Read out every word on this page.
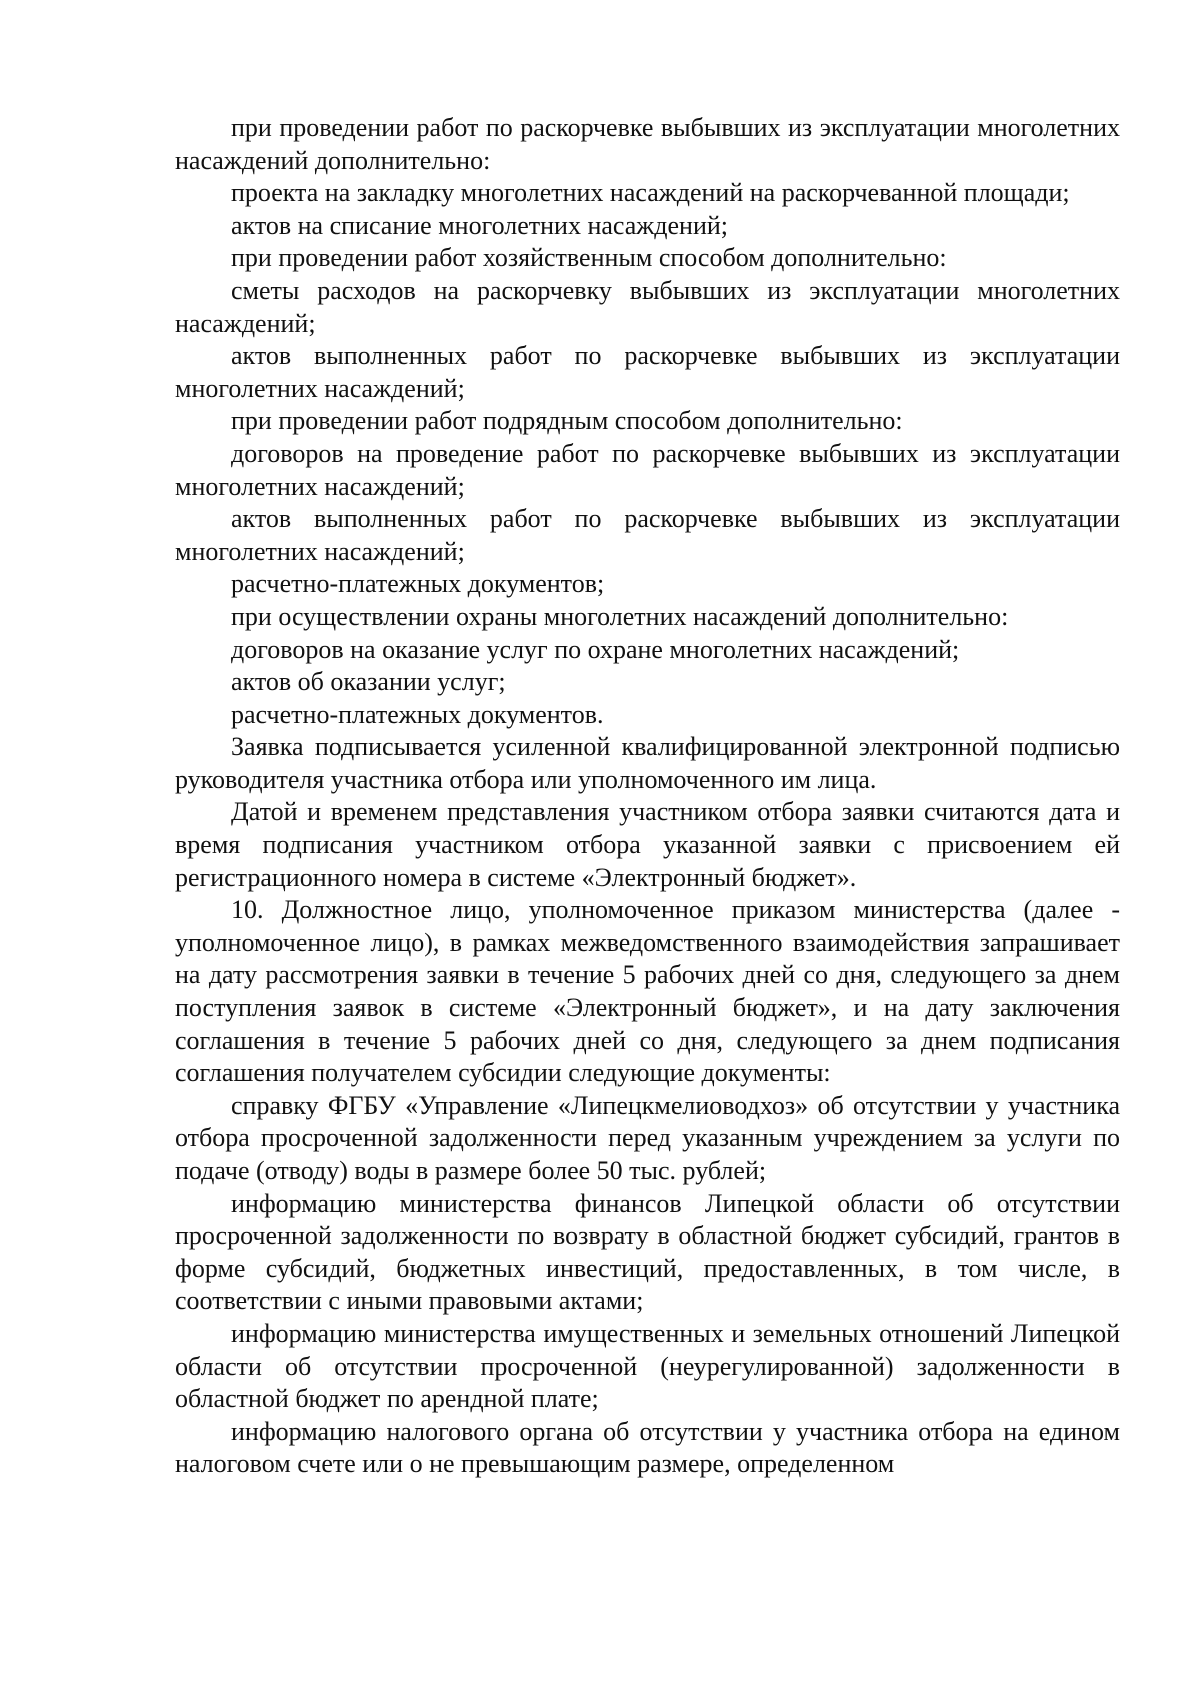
при проведении работ по раскорчевке выбывших из эксплуатации многолетних насаждений дополнительно:

проекта на закладку многолетних насаждений на раскорчеванной площади;

актов на списание многолетних насаждений;

при проведении работ хозяйственным способом дополнительно:

сметы расходов на раскорчевку выбывших из эксплуатации многолетних насаждений;

актов выполненных работ по раскорчевке выбывших из эксплуатации многолетних насаждений;

при проведении работ подрядным способом дополнительно:

договоров на проведение работ по раскорчевке выбывших из эксплуатации многолетних насаждений;

актов выполненных работ по раскорчевке выбывших из эксплуатации многолетних насаждений;

расчетно-платежных документов;

при осуществлении охраны многолетних насаждений дополнительно:

договоров на оказание услуг по охране многолетних насаждений;

актов об оказании услуг;

расчетно-платежных документов.

Заявка подписывается усиленной квалифицированной электронной подписью руководителя участника отбора или уполномоченного им лица.

Датой и временем представления участником отбора заявки считаются дата и время подписания участником отбора указанной заявки с присвоением ей регистрационного номера в системе «Электронный бюджет».

10. Должностное лицо, уполномоченное приказом министерства (далее - уполномоченное лицо), в рамках межведомственного взаимодействия запрашивает на дату рассмотрения заявки в течение 5 рабочих дней со дня, следующего за днем поступления заявок в системе «Электронный бюджет», и на дату заключения соглашения в течение 5 рабочих дней со дня, следующего за днем подписания соглашения получателем субсидии следующие документы:

справку ФГБУ «Управление «Липецкмелиоводхоз» об отсутствии у участника отбора просроченной задолженности перед указанным учреждением за услуги по подаче (отводу) воды в размере более 50 тыс. рублей;

информацию министерства финансов Липецкой области об отсутствии просроченной задолженности по возврату в областной бюджет субсидий, грантов в форме субсидий, бюджетных инвестиций, предоставленных, в том числе, в соответствии с иными правовыми актами;

информацию министерства имущественных и земельных отношений Липецкой области об отсутствии просроченной (неурегулированной) задолженности в областной бюджет по арендной плате;

информацию налогового органа об отсутствии у участника отбора на едином налоговом счете или о не превышающим размере, определенном
